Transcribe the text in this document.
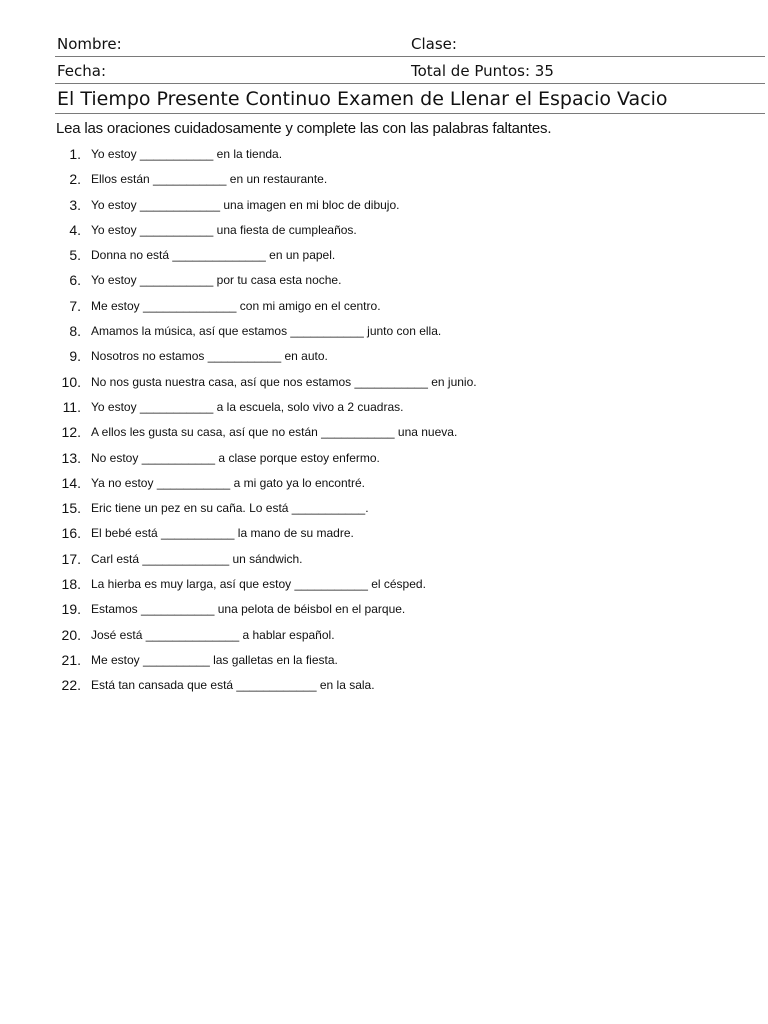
Nombre:	Clase:
Fecha:	Total de Puntos: 35
El Tiempo Presente Continuo Examen de Llenar el Espacio Vacio
Lea las oraciones cuidadosamente y complete las con las palabras faltantes.
1. Yo estoy ___________ en la tienda.
2. Ellos están ___________ en un restaurante.
3. Yo estoy ____________ una imagen en mi bloc de dibujo.
4. Yo estoy ___________ una fiesta de cumpleaños.
5. Donna no está ______________ en un papel.
6. Yo estoy ___________ por tu casa esta noche.
7. Me estoy ______________ con mi amigo en el centro.
8. Amamos la música, así que estamos ___________ junto con ella.
9. Nosotros no estamos ___________ en auto.
10. No nos gusta nuestra casa, así que nos estamos ___________ en junio.
11. Yo estoy ___________ a la escuela, solo vivo a 2 cuadras.
12. A ellos les gusta su casa, así que no están ___________ una nueva.
13. No estoy ___________ a clase porque estoy enfermo.
14. Ya no estoy ___________ a mi gato ya lo encontré.
15. Eric tiene un pez en su caña. Lo está ___________.
16. El bebé está ___________ la mano de su madre.
17. Carl está _____________ un sándwich.
18. La hierba es muy larga, así que estoy ___________ el césped.
19. Estamos ___________ una pelota de béisbol en el parque.
20. José está ______________ a hablar español.
21. Me estoy __________ las galletas en la fiesta.
22. Está tan cansada que está ____________ en la sala.
